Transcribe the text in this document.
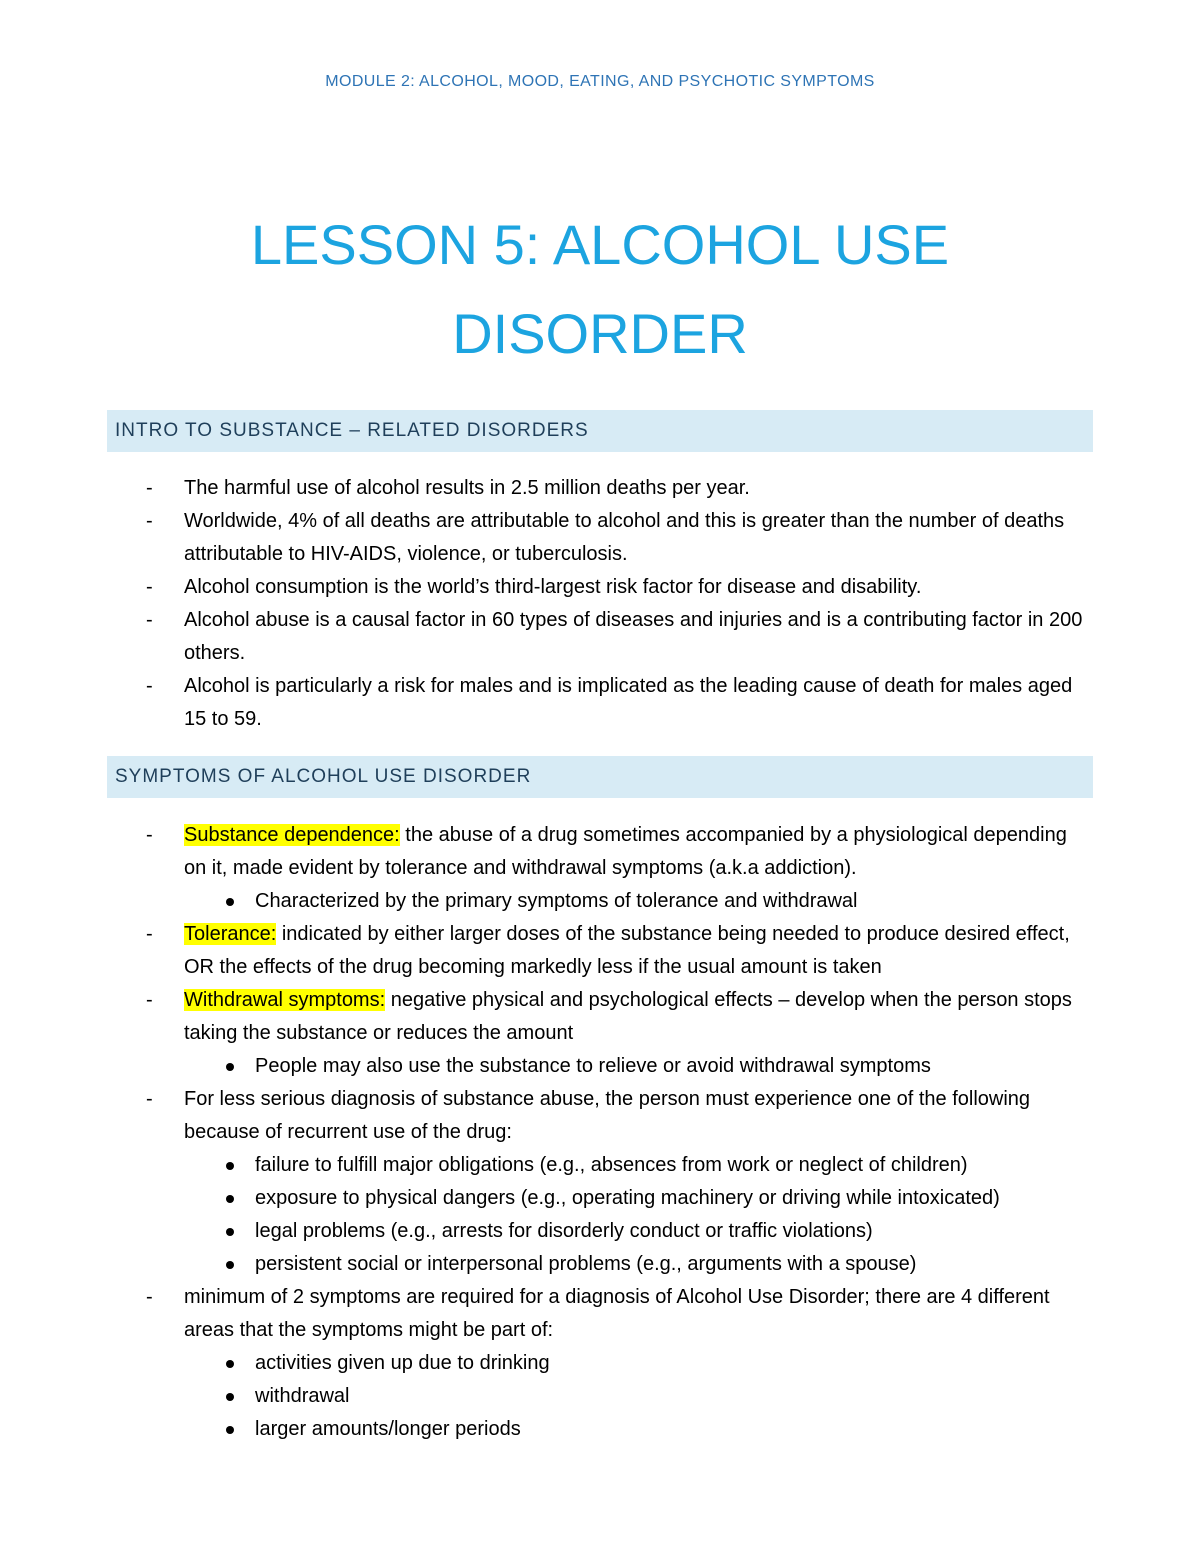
MODULE 2: ALCOHOL, MOOD, EATING, AND PSYCHOTIC SYMPTOMS
LESSON 5: ALCOHOL USE
DISORDER
INTRO TO SUBSTANCE – RELATED DISORDERS
- The harmful use of alcohol results in 2.5 million deaths per year.
- Worldwide, 4% of all deaths are attributable to alcohol and this is greater than the number of deaths attributable to HIV-AIDS, violence, or tuberculosis.
- Alcohol consumption is the world’s third-largest risk factor for disease and disability.
- Alcohol abuse is a causal factor in 60 types of diseases and injuries and is a contributing factor in 200 others.
- Alcohol is particularly a risk for males and is implicated as the leading cause of death for males aged 15 to 59.
SYMPTOMS OF ALCOHOL USE DISORDER
- Substance dependence: the abuse of a drug sometimes accompanied by a physiological depending on it, made evident by tolerance and withdrawal symptoms (a.k.a addiction).
Characterized by the primary symptoms of tolerance and withdrawal
- Tolerance: indicated by either larger doses of the substance being needed to produce desired effect, OR the effects of the drug becoming markedly less if the usual amount is taken
- Withdrawal symptoms: negative physical and psychological effects – develop when the person stops taking the substance or reduces the amount
People may also use the substance to relieve or avoid withdrawal symptoms
- For less serious diagnosis of substance abuse, the person must experience one of the following because of recurrent use of the drug:
failure to fulfill major obligations (e.g., absences from work or neglect of children)
exposure to physical dangers (e.g., operating machinery or driving while intoxicated)
legal problems (e.g., arrests for disorderly conduct or traffic violations)
persistent social or interpersonal problems (e.g., arguments with a spouse)
- minimum of 2 symptoms are required for a diagnosis of Alcohol Use Disorder; there are 4 different areas that the symptoms might be part of:
activities given up due to drinking
withdrawal
larger amounts/longer periods
